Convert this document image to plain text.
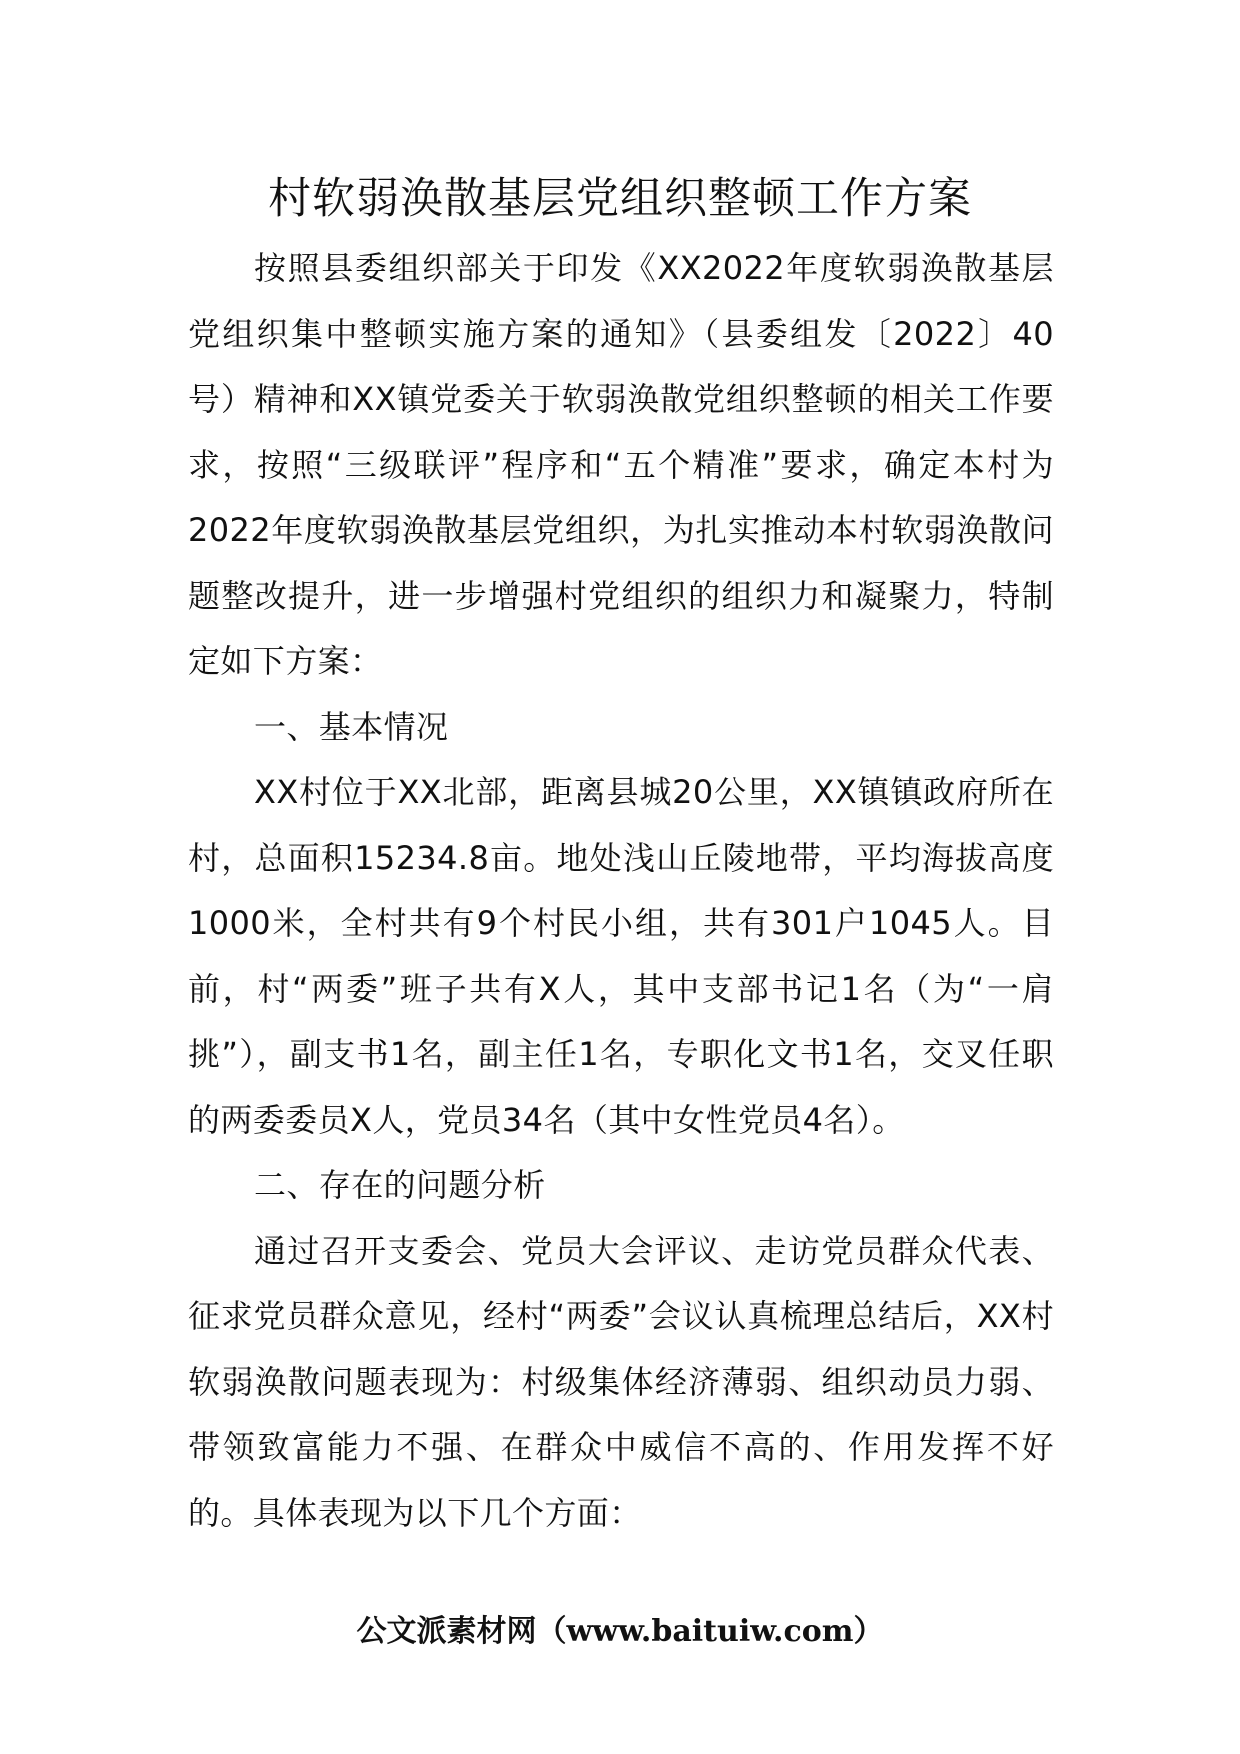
村软弱涣散基层党组织整顿工作方案

按照县委组织部关于印发《XX2022年度软弱涣散基层党组织集中整顿实施方案的通知》（县委组发〔2022〕40号）精神和XX镇党委关于软弱涣散党组织整顿的相关工作要求，按照“三级联评”程序和“五个精准”要求，确定本村为2022年度软弱涣散基层党组织，为扎实推动本村软弱涣散问题整改提升，进一步增强村党组织的组织力和凝聚力，特制定如下方案：

一、基本情况

XX村位于XX北部，距离县城20公里，XX镇镇政府所在村，总面积15234.8亩。地处浅山丘陵地带，平均海拔高度1000米，全村共有9个村民小组，共有301户1045人。目前，村“两委”班子共有X人，其中支部书记1名（为“一肩挑”），副支书1名，副主任1名，专职化文书1名，交叉任职的两委委员X人，党员34名（其中女性党员4名）。

二、存在的问题分析

通过召开支委会、党员大会评议、走访党员群众代表、征求党员群众意见，经村“两委”会议认真梳理总结后，XX村软弱涣散问题表现为：村级集体经济薄弱、组织动员力弱、带领致富能力不强、在群众中威信不高的、作用发挥不好的。具体表现为以下几个方面：

公文派素材网（www.baituiw.com）
